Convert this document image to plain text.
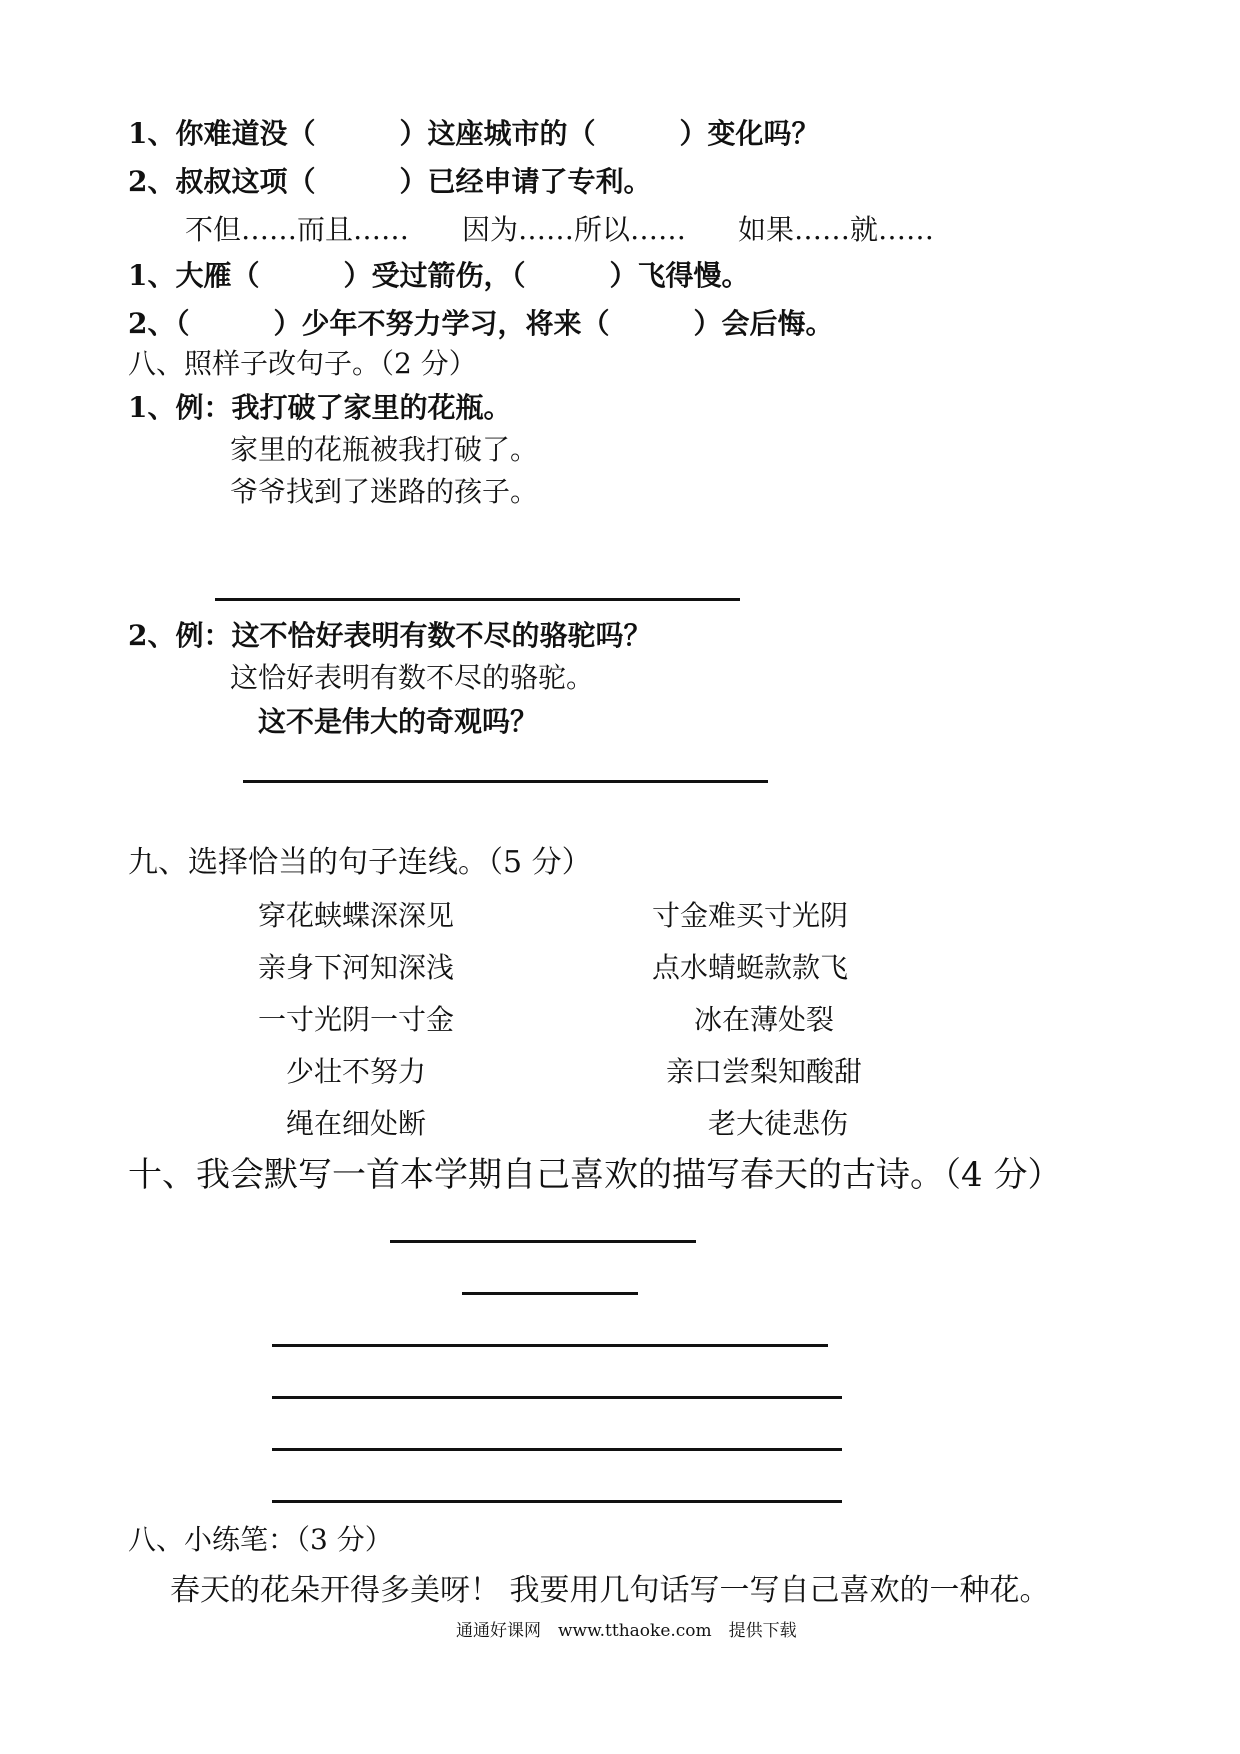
1、你难道没（　　　）这座城市的（　　　）变化吗？
2、叔叔这项（　　　）已经申请了专利。
不但……而且…… 因为……所以…… 如果……就……
1、大雁（　　　）受过箭伤，（　　　）飞得慢。
2、（　　　）少年不努力学习，将来（　　　）会后悔。
八、照样子改句子。（2 分）
1、例：我打破了家里的花瓶。
家里的花瓶被我打破了。
爷爷找到了迷路的孩子。
2、例：这不恰好表明有数不尽的骆驼吗？
这恰好表明有数不尽的骆驼。
这不是伟大的奇观吗？
九、选择恰当的句子连线。（5 分）
穿花蛱蝶深深见
亲身下河知深浅
一寸光阴一寸金
少壮不努力
绳在细处断
寸金难买寸光阴
点水蜻蜓款款飞
冰在薄处裂
亲口尝梨知酸甜
老大徒悲伤
十、我会默写一首本学期自己喜欢的描写春天的古诗。（4 分）
八、小练笔：（3 分）
春天的花朵开得多美呀！ 我要用几句话写一写自己喜欢的一种花。
通通好课网　www.tthaoke.com　提供下载
